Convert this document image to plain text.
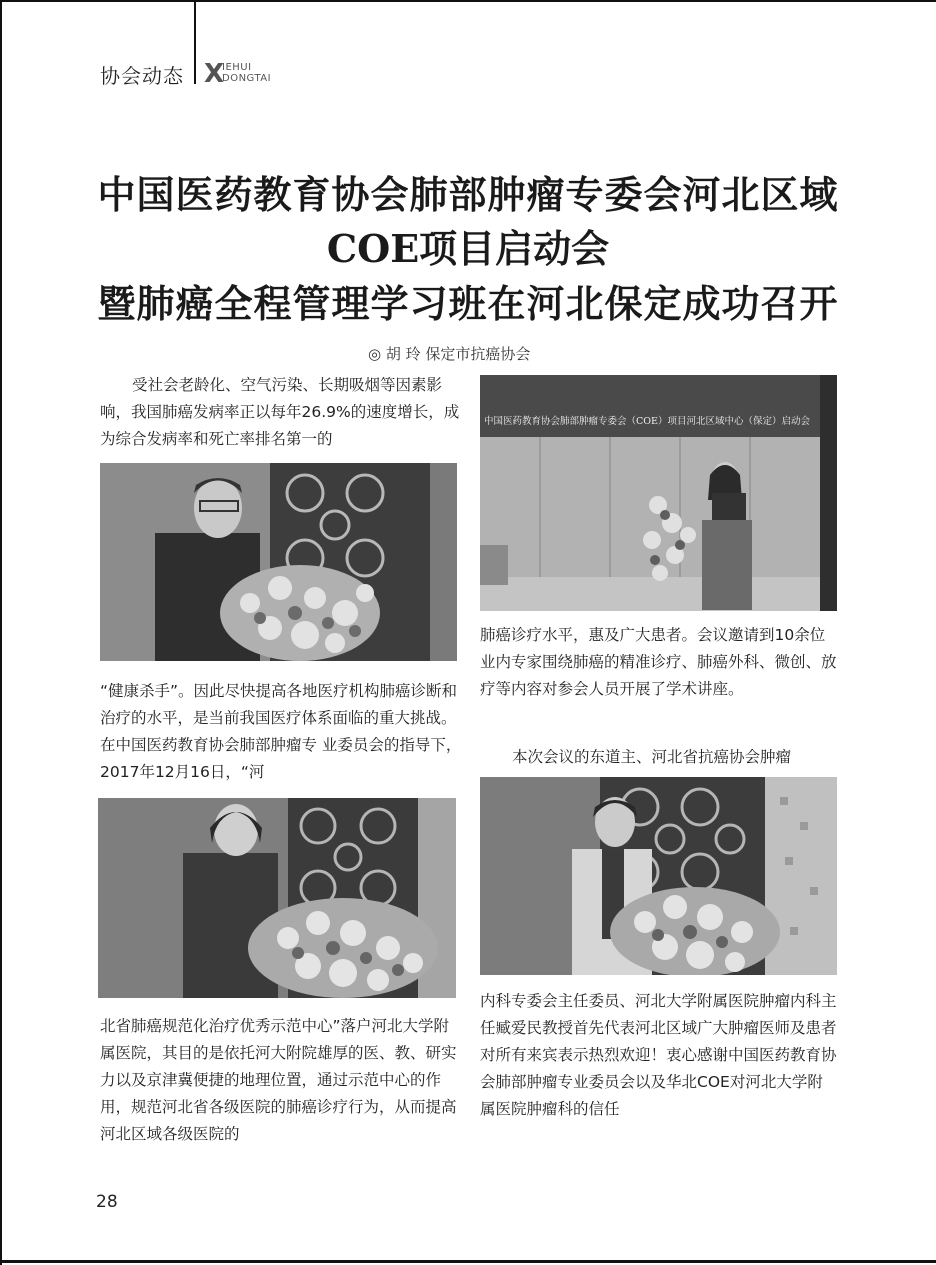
协会动态 X
IEHUI
DONGTAI
中国医药教育协会肺部肿瘤专委会河北区域
COE项目启动会
暨肺癌全程管理学习班在河北保定成功召开
◎ 胡 玲 保定市抗癌协会

受社会老龄化、空气污染、长期吸烟等因素影响，我国肺癌发病率正以每年26.9%的速度增长，成为综合发病率和死亡率排名第一的

“健康杀手”。因此尽快提高各地医疗机构肺癌诊断和治疗的水平，是当前我国医疗体系面临的重大挑战。在中国医药教育协会肺部肿瘤专 业委员会的指导下，2017年12月16日，“河

北省肺癌规范化治疗优秀示范中心”落户河北大学附属医院，其目的是依托河大附院雄厚的医、教、研实力以及京津冀便捷的地理位置，通过示范中心的作用，规范河北省各级医院的肺癌诊疗行为，从而提高河北区域各级医院的

中国医药教育协会肺部肿瘤专委会（COE）项目河北区域中心（保定）启动会

肺癌诊疗水平，惠及广大患者。会议邀请到10余位业内专家围绕肺癌的精准诊疗、肺癌外科、微创、放疗等内容对参会人员开展了学术讲座。

本次会议的东道主、河北省抗癌协会肿瘤

内科专委会主任委员、河北大学附属医院肿瘤内科主任臧爱民教授首先代表河北区域广大肿瘤医师及患者对所有来宾表示热烈欢迎！衷心感谢中国医药教育协会肺部肿瘤专业委员会以及华北COE对河北大学附属医院肿瘤科的信任

28
